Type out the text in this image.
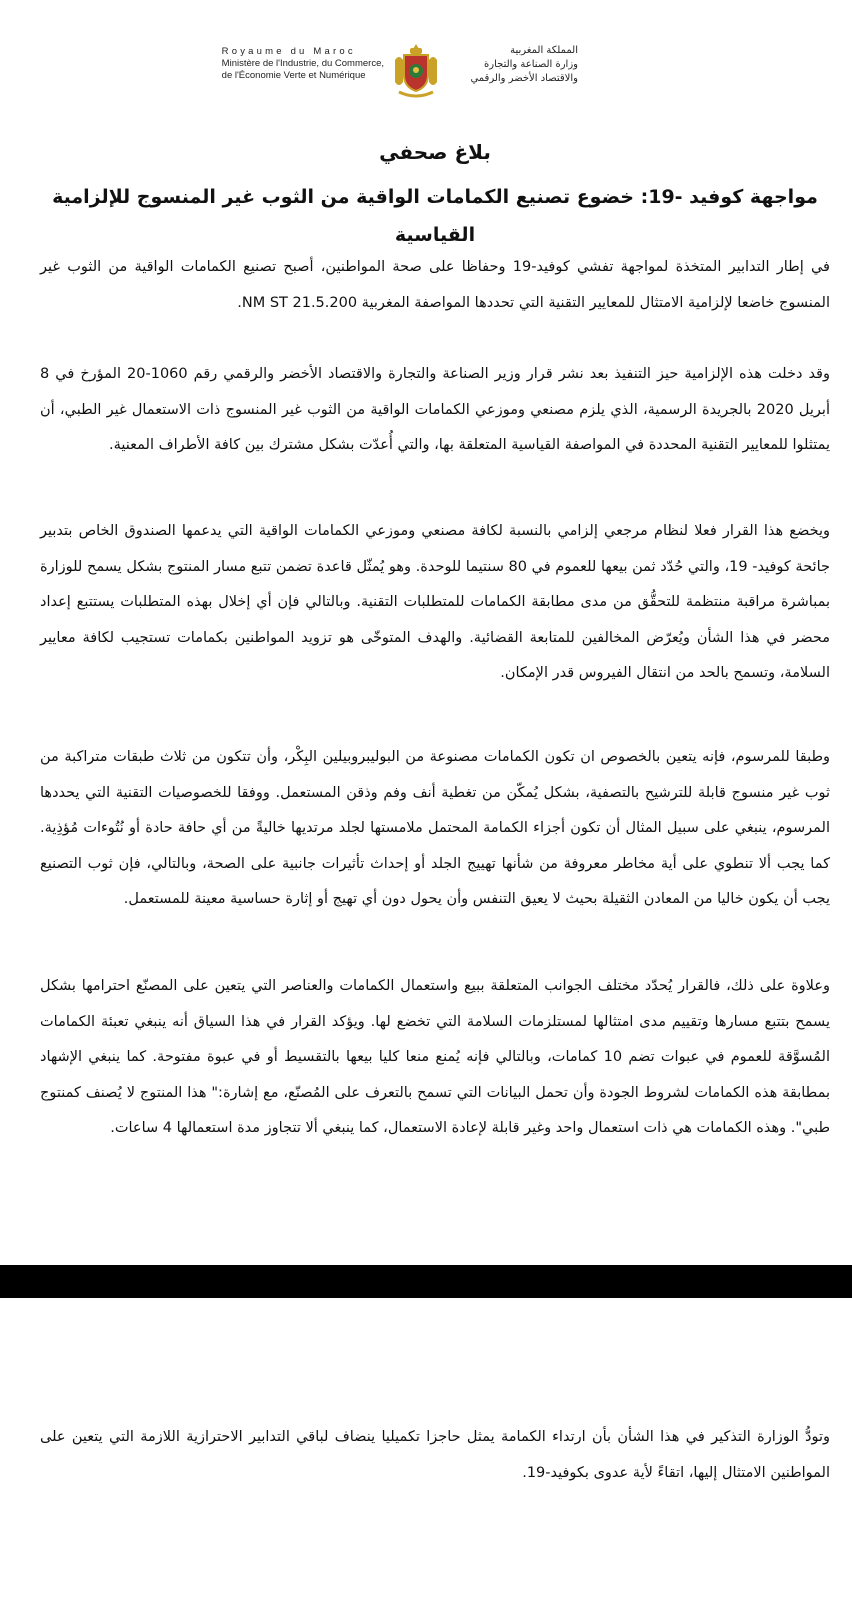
Royaume du Maroc
Ministère de l'Industrie, du Commerce,
de l'Économie Verte et Numérique
المملكة المغربية
وزارة الصناعة والتجارة
والاقتصاد الأخضر والرقمي
بلاغ صحفي
مواجهة كوفيد -19: خضوع تصنيع الكمامات الواقية من الثوب غير المنسوج للإلزامية القياسية
في إطار التدابير المتخذة لمواجهة تفشي كوفيد-19 وحفاظا على صحة المواطنين، أصبح تصنيع الكمامات الواقية من الثوب غير المنسوج خاضعا لإلزامية الامتثال للمعايير التقنية التي تحددها المواصفة المغربية NM ST 21.5.200.
وقد دخلت هذه الإلزامية حيز التنفيذ بعد نشر قرار وزير الصناعة والتجارة والاقتصاد الأخضر والرقمي رقم 1060-20 المؤرخ في 8 أبريل 2020 بالجريدة الرسمية، الذي يلزم مصنعي وموزعي الكمامات الواقية من الثوب غير المنسوج ذات الاستعمال غير الطبي، أن يمتثلوا للمعايير التقنية المحددة في المواصفة القياسية المتعلقة بها، والتي أُعدّت بشكل مشترك بين كافة الأطراف المعنية.
ويخضع هذا القرار فعلا لنظام مرجعي إلزامي بالنسبة لكافة مصنعي وموزعي الكمامات الواقية التي يدعمها الصندوق الخاص بتدبير جائحة كوفيد- 19، والتي حُدّد ثمن بيعها للعموم في 80 سنتيما للوحدة. وهو يُمثّل قاعدة تضمن تتبع مسار المنتوج بشكل يسمح للوزارة بمباشرة مراقبة منتظمة للتحقُّق من مدى مطابقة الكمامات للمتطلبات التقنية. وبالتالي فإن أي إخلال بهذه المتطلبات يستتبع إعداد محضر في هذا الشأن ويُعرّض المخالفين للمتابعة القضائية. والهدف المتوخّى هو تزويد المواطنين بكمامات تستجيب لكافة معايير السلامة، وتسمح بالحد من انتقال الفيروس قدر الإمكان.
وطبقا للمرسوم، فإنه يتعين بالخصوص ان تكون الكمامات مصنوعة من البوليبروبيلين البِكْر، وأن تتكون من ثلاث طبقات متراكبة من ثوب غير منسوج قابلة للترشيح بالتصفية، بشكل يُمكّن من تغطية أنف وفم وذقن المستعمل. ووفقا للخصوصيات التقنية التي يحددها المرسوم، ينبغي على سبيل المثال أن تكون أجزاء الكمامة المحتمل ملامستها لجلد مرتديها خاليةً من أي حافة حادة أو نُتُوءات مُؤذِية. كما يجب ألا تنطوي على أية مخاطر معروفة من شأنها تهييج الجلد أو إحداث تأثيرات جانبية على الصحة، وبالتالي، فإن ثوب التصنيع يجب أن يكون خاليا من المعادن الثقيلة بحيث لا يعيق التنفس وأن يحول دون أي تهيج أو إثارة حساسية معينة للمستعمل.
وعلاوة على ذلك، فالقرار يُحدّد مختلف الجوانب المتعلقة ببيع واستعمال الكمامات والعناصر التي يتعين على المصنّع احترامها بشكل يسمح بتتبع مسارها وتقييم مدى امتثالها لمستلزمات السلامة التي تخضع لها. ويؤكد القرار في هذا السياق أنه ينبغي تعبئة الكمامات المُسوَّقة للعموم في عبوات تضم 10 كمامات، وبالتالي فإنه يُمنع منعا كليا بيعها بالتقسيط أو في عبوة مفتوحة. كما ينبغي الإشهاد بمطابقة هذه الكمامات لشروط الجودة وأن تحمل البيانات التي تسمح بالتعرف على المُصنّع، مع إشارة:" هذا المنتوج لا يُصنف كمنتوج طبي". وهذه الكمامات هي ذات استعمال واحد وغير قابلة لإعادة الاستعمال، كما ينبغي ألا تتجاوز مدة استعمالها 4 ساعات.
وتودُّ الوزارة التذكير في هذا الشأن بأن ارتداء الكمامة يمثل حاجزا تكميليا ينضاف لباقي التدابير الاحترازية اللازمة التي يتعين على المواطنين الامتثال إليها، اتقاءً لأية عدوى بكوفيد-19.
